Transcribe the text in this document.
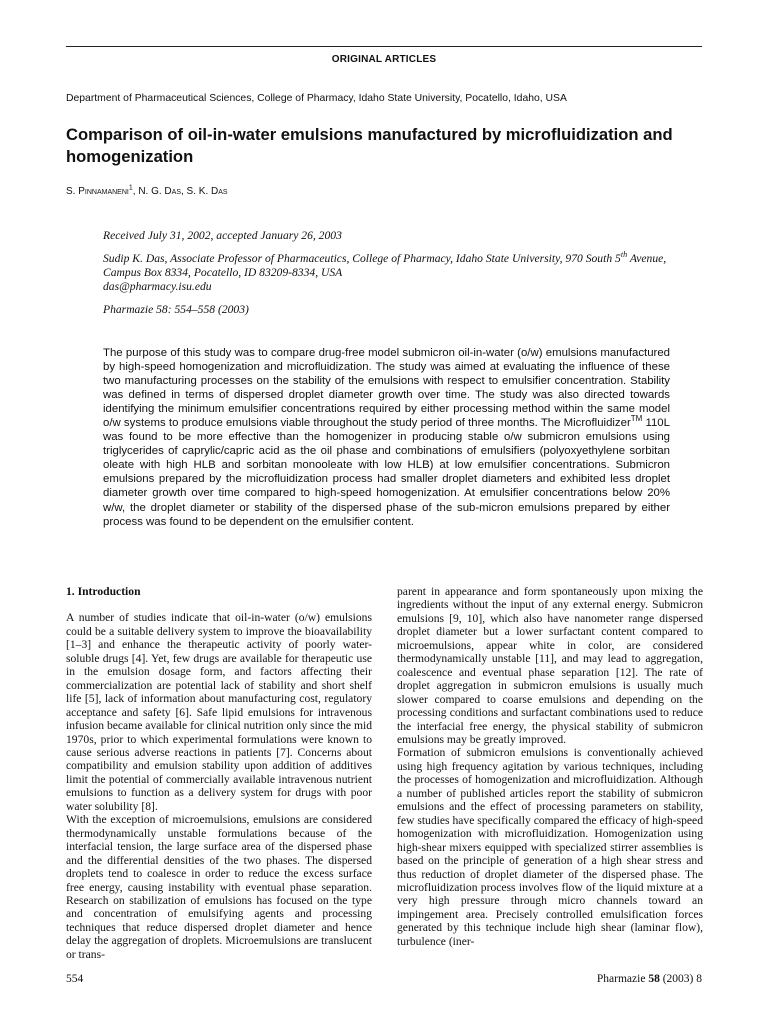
ORIGINAL ARTICLES
Department of Pharmaceutical Sciences, College of Pharmacy, Idaho State University, Pocatello, Idaho, USA
Comparison of oil-in-water emulsions manufactured by microfluidization and homogenization
S. Pinnamaneni$^1$, N. G. Das, S. K. Das

Received July 31, 2002, accepted January 26, 2003

Sudip K. Das, Associate Professor of Pharmaceutics, College of Pharmacy, Idaho State University, 970 South 5th Avenue, Campus Box 8334, Pocatello, ID 83209-8334, USA

das@pharmacy.isu.edu

Pharmazie 58: 554–558 (2003)

The purpose of this study was to compare drug-free model submicron oil-in-water (o/w) emulsions manufactured by high-speed homogenization and microfluidization. The study was aimed at evaluating the influence of these two manufacturing processes on the stability of the emulsions with respect to emulsifier concentration. Stability was defined in terms of dispersed droplet diameter growth over time. The study was also directed towards identifying the minimum emulsifier concentrations required by either processing method within the same model o/w systems to produce emulsions viable throughout the study period of three months. The Microfluidizer™ 110L was found to be more effective than the homogenizer in producing stable o/w submicron emulsions using triglycerides of caprylic/capric acid as the oil phase and combinations of emulsifiers (polyoxyethylene sorbitan oleate with high HLB and sorbitan monooleate with low HLB) at low emulsifier concentrations. Submicron emulsions prepared by the microfluidization process had smaller droplet diameters and exhibited less droplet diameter growth over time compared to high-speed homogenization. At emulsifier concentrations below 20% w/w, the droplet diameter or stability of the dispersed phase of the sub-micron emulsions prepared by either process was found to be dependent on the emulsifier content.

1. Introduction

A number of studies indicate that oil-in-water (o/w) emulsions could be a suitable delivery system to improve the bioavailability [1–3] and enhance the therapeutic activity of poorly water-soluble drugs [4]. Yet, few drugs are available for therapeutic use in the emulsion dosage form, and factors affecting their commercialization are potential lack of stability and short shelf life [5], lack of information about manufacturing cost, regulatory acceptance and safety [6]. Safe lipid emulsions for intravenous infusion became available for clinical nutrition only since the mid 1970s, prior to which experimental formulations were known to cause serious adverse reactions in patients [7]. Concerns about compatibility and emulsion stability upon addition of additives limit the potential of commercially available intravenous nutrient emulsions to function as a delivery system for drugs with poor water solubility [8].

With the exception of microemulsions, emulsions are considered thermodynamically unstable formulations because of the interfacial tension, the large surface area of the dispersed phase and the differential densities of the two phases. The dispersed droplets tend to coalesce in order to reduce the excess surface free energy, causing instability with eventual phase separation. Research on stabilization of emulsions has focused on the type and concentration of emulsifying agents and processing techniques that reduce dispersed droplet diameter and hence delay the aggregation of droplets. Microemulsions are translucent or trans-

parent in appearance and form spontaneously upon mixing the ingredients without the input of any external energy. Submicron emulsions [9, 10], which also have nanometer range dispersed droplet diameter but a lower surfactant content compared to microemulsions, appear white in color, are considered thermodynamically unstable [11], and may lead to aggregation, coalescence and eventual phase separation [12]. The rate of droplet aggregation in submicron emulsions is usually much slower compared to coarse emulsions and depending on the processing conditions and surfactant combinations used to reduce the interfacial free energy, the physical stability of submicron emulsions may be greatly improved.

Formation of submicron emulsions is conventionally achieved using high frequency agitation by various techniques, including the processes of homogenization and microfluidization. Although a number of published articles report the stability of submicron emulsions and the effect of processing parameters on stability, few studies have specifically compared the efficacy of high-speed homogenization with microfluidization. Homogenization using high-shear mixers equipped with specialized stirrer assemblies is based on the principle of generation of a high shear stress and thus reduction of droplet diameter of the dispersed phase. The microfluidization process involves flow of the liquid mixture at a very high pressure through micro channels toward an impingement area. Precisely controlled emulsification forces generated by this technique include high shear (laminar flow), turbulence (iner-

554	Pharmazie 58 (2003) 8
